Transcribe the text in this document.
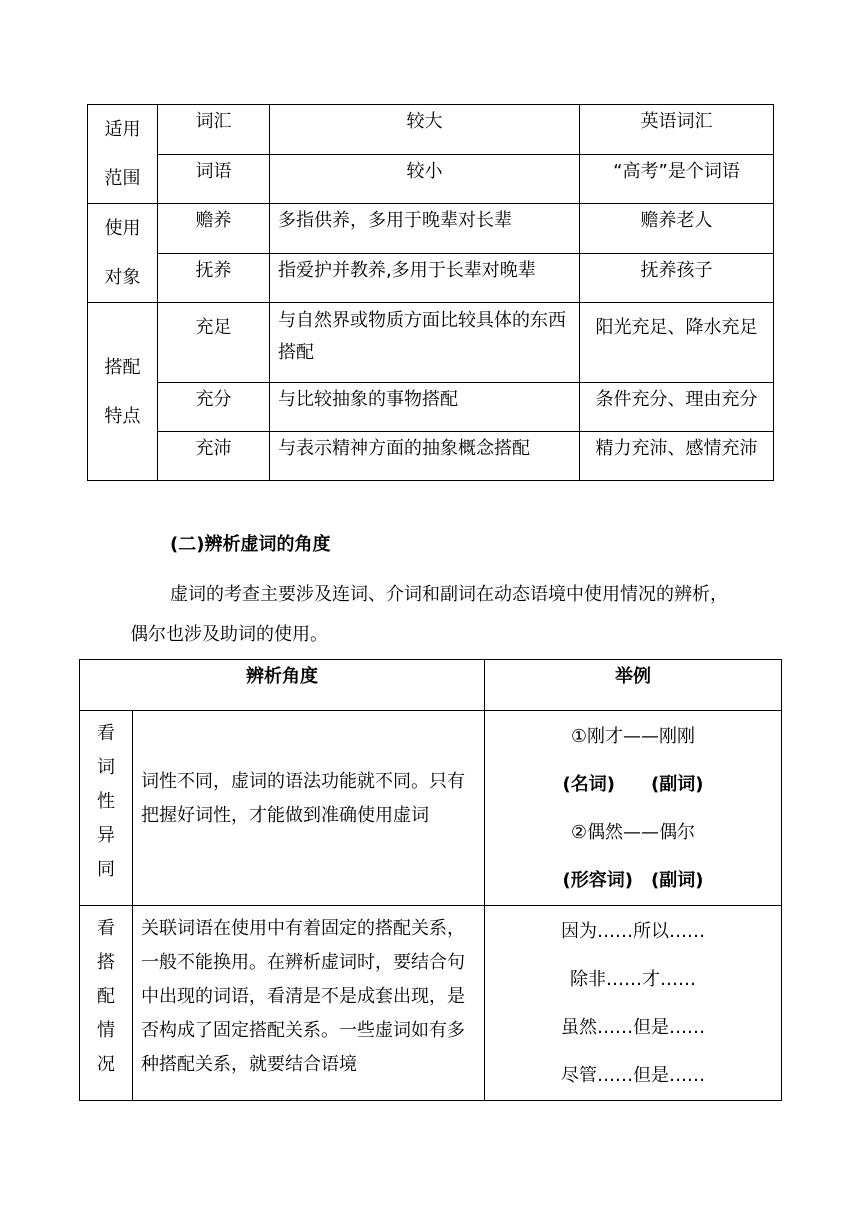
适用
范围	词汇	较大	英语词汇
	词语	较小	“高考”是个词语

使用
对象	赡养	多指供养，多用于晚辈对长辈	赡养老人
	抚养	指爱护并教养,多用于长辈对晚辈	抚养孩子

搭配
特点	充足	与自然界或物质方面比较具体的东西搭配	阳光充足、降水充足
	充分	与比较抽象的事物搭配	条件充分、理由充分
	充沛	与表示精神方面的抽象概念搭配	精力充沛、感情充沛
(二)辨析虚词的角度
虚词的考查主要涉及连词、介词和副词在动态语境中使用情况的辨析，偶尔也涉及助词的使用。
辨析角度		举例

看
词
性
异
同	词性不同，虚词的语法功能就不同。只有把握好词性，才能做到准确使用虚词	①刚才——刚刚
(名词)　　(副词)
②偶然——偶尔
(形容词)　(副词)

看
搭
配
情
况	关联词语在使用中有着固定的搭配关系，一般不能换用。在辨析虚词时，要结合句中出现的词语，看清是不是成套出现，是否构成了固定搭配关系。一些虚词如有多种搭配关系，就要结合语境	因为……所以……
除非……才……
虽然……但是……
尽管……但是……
